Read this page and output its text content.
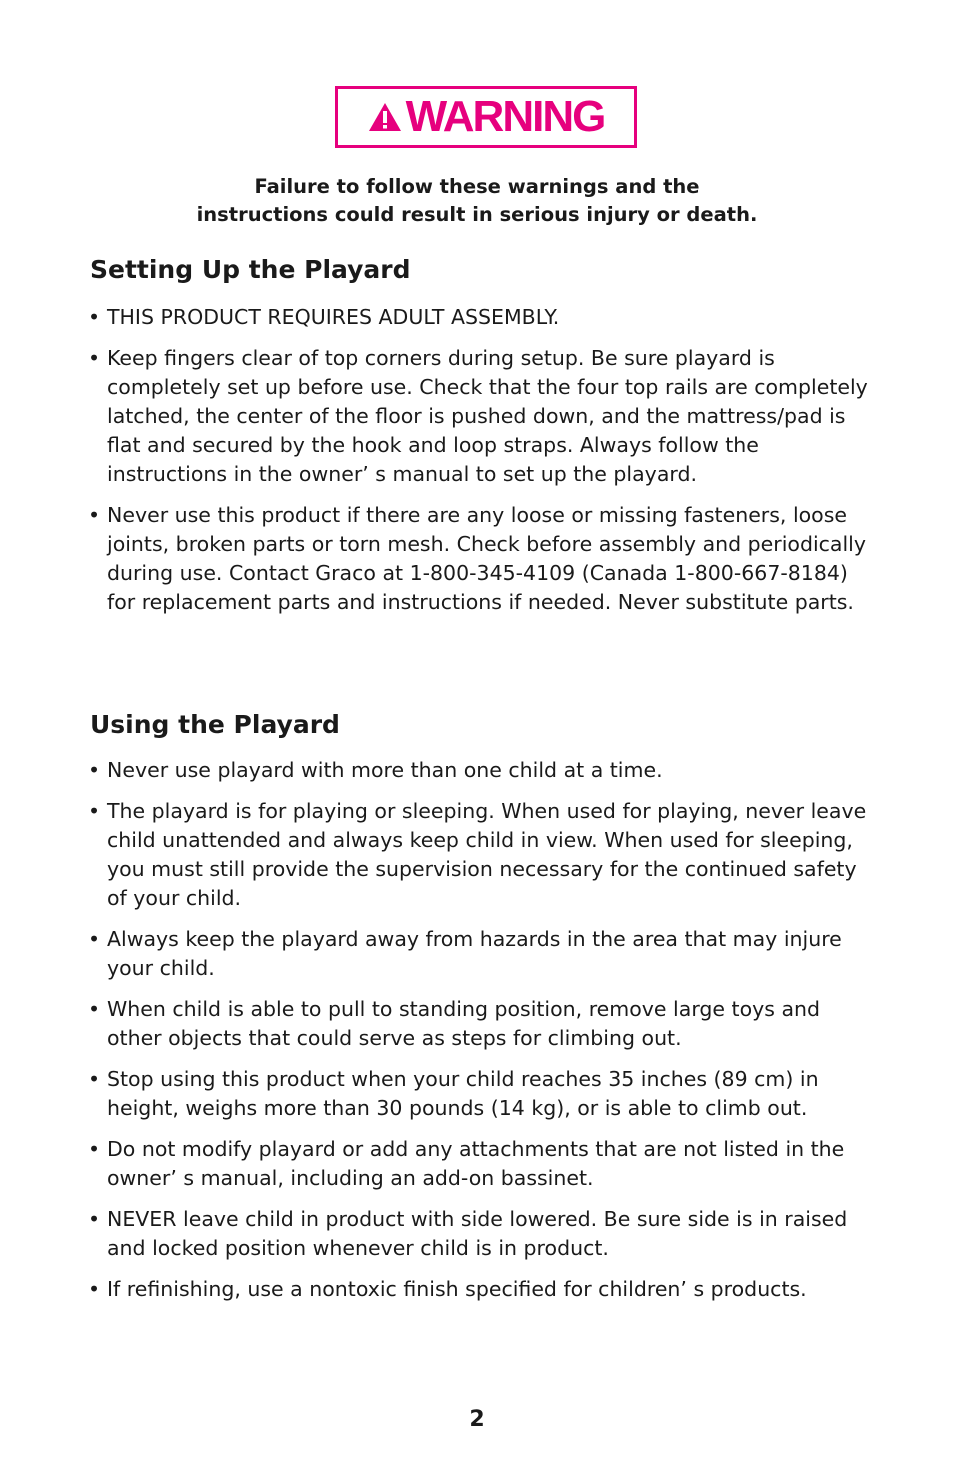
WARNING
Failure to follow these warnings and the
instructions could result in serious injury or death.
Setting Up the Playard
• THIS PRODUCT REQUIRES ADULT ASSEMBLY.
• Keep fingers clear of top corners during setup. Be sure playard is completely set up before use. Check that the four top rails are completely latched, the center of the floor is pushed down, and the mattress/pad is flat and secured by the hook and loop straps. Always follow the instructions in the owner’ s manual to set up the playard.
• Never use this product if there are any loose or missing fasteners, loose joints, broken parts or torn mesh. Check before assembly and periodically during use. Contact Graco at 1-800-345-4109 (Canada 1-800-667-8184) for replacement parts and instructions if needed. Never substitute parts.
Using the Playard
• Never use playard with more than one child at a time.
• The playard is for playing or sleeping. When used for playing, never leave child unattended and always keep child in view. When used for sleeping, you must still provide the supervision necessary for the continued safety of your child.
• Always keep the playard away from hazards in the area that may injure your child.
• When child is able to pull to standing position, remove large toys and other objects that could serve as steps for climbing out.
• Stop using this product when your child reaches 35 inches (89 cm) in height, weighs more than 30 pounds (14 kg), or is able to climb out.
• Do not modify playard or add any attachments that are not listed in the owner’ s manual, including an add-on bassinet.
• NEVER leave child in product with side lowered. Be sure side is in raised and locked position whenever child is in product.
• If refinishing, use a nontoxic finish specified for children’ s products.
2
